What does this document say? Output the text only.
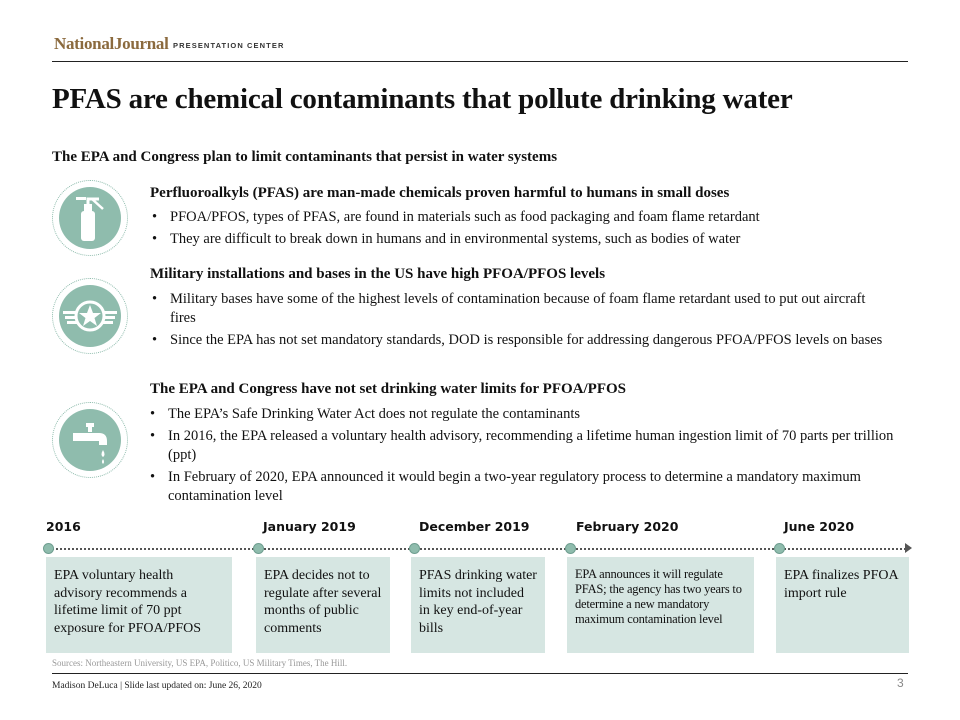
NationalJournal PRESENTATION CENTER
PFAS are chemical contaminants that pollute drinking water
The EPA and Congress plan to limit contaminants that persist in water systems
Perfluoroalkyls (PFAS) are man-made chemicals proven harmful to humans in small doses
• PFOA/PFOS, types of PFAS, are found in materials such as food packaging and foam flame retardant
• They are difficult to break down in humans and in environmental systems, such as bodies of water
Military installations and bases in the US have high PFOA/PFOS levels
• Military bases have some of the highest levels of contamination because of foam flame retardant used to put out aircraft fires
• Since the EPA has not set mandatory standards, DOD is responsible for addressing dangerous PFOA/PFOS levels on bases
The EPA and Congress have not set drinking water limits for PFOA/PFOS
• The EPA’s Safe Drinking Water Act does not regulate the contaminants
• In 2016, the EPA released a voluntary health advisory, recommending a lifetime human ingestion limit of 70 parts per trillion (ppt)
• In February of 2020, EPA announced it would begin a two-year regulatory process to determine a mandatory maximum contamination level
2016	January 2019	December 2019	February 2020	June 2020
EPA voluntary health advisory recommends a lifetime limit of 70 ppt exposure for PFOA/PFOS
EPA decides not to regulate after several months of public comments
PFAS drinking water limits not included in key end-of-year bills
EPA announces it will regulate PFAS; the agency has two years to determine a new mandatory maximum contamination level
EPA finalizes PFOA import rule
Sources: Northeastern University, US EPA, Politico, US Military Times, The Hill.
Madison DeLuca | Slide last updated on: June 26, 2020	3
